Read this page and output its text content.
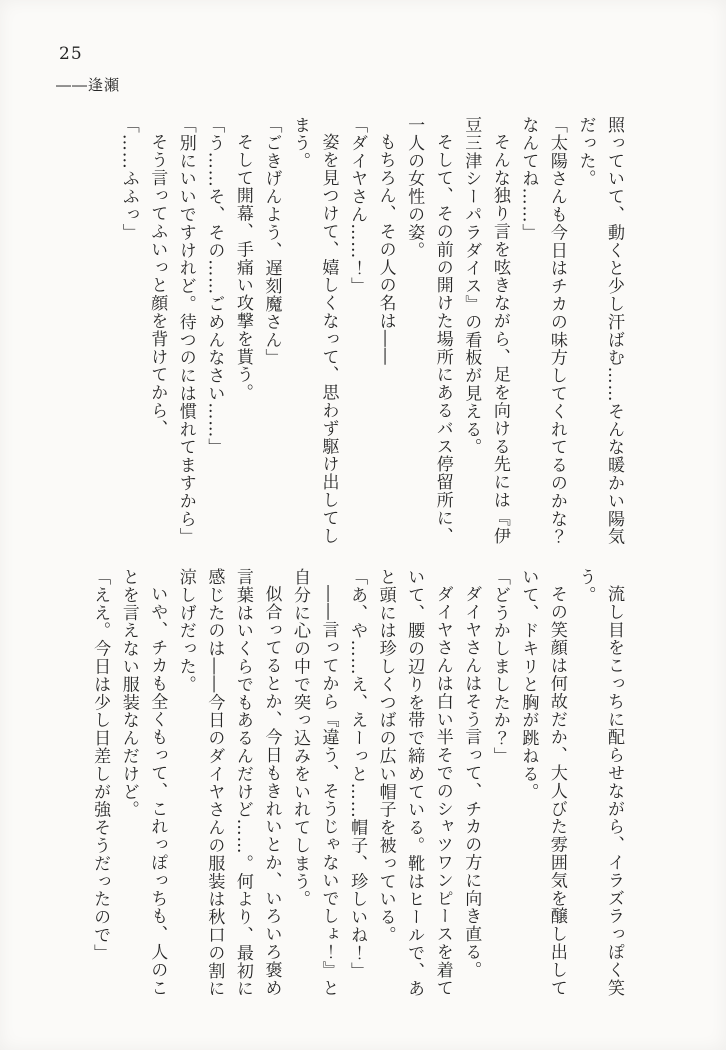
25
――逢瀬

照っていて、動くと少し汗ばむ……そんな暖かい陽気だった。

「太陽さんも今日はチカの味方してくれてるのかな？なんてね……」

そんな独り言を呟きながら、足を向ける先には『伊豆三津シーパラダイス』の看板が見える。

そして、その前の開けた場所にあるバス停留所に、一人の女性の姿。

もちろん、その人の名は――

「ダイヤさん……！」

姿を見つけて、嬉しくなって、思わず駆け出してしまう。

「ごきげんよう、遅刻魔さん」

そして開幕、手痛い攻撃を貰う。

「う……そ、その……ごめんなさい……」

「別にいいですけれど。待つのには慣れてますから」

そう言ってふいっと顔を背けてから、

「……ふふっ」

流し目をこっちに配らせながら、イラズラっぽく笑う。

その笑顔は何故だか、大人びた雰囲気を醸し出していて、ドキリと胸が跳ねる。

「どうかしましたか？」

ダイヤさんはそう言って、チカの方に向き直る。

ダイヤさんは白い半そでのシャツワンピースを着ていて、腰の辺りを帯で締めている。靴はヒールで、あと頭には珍しくつばの広い帽子を被っている。

「あ、や……え、えーっと……帽子、珍しいね！」

――言ってから『違う、そうじゃないでしょ！』と自分に心の中で突っ込みをいれてしまう。

似合ってるとか、今日もきれいとか、いろいろ褒め言葉はいくらでもあるんだけど……。何より、最初に感じたのは――今日のダイヤさんの服装は秋口の割に涼しげだった。

いや、チカも全くもって、これっぽっちも、人のことを言えない服装なんだけど。

「ええ。今日は少し日差しが強そうだったので」
